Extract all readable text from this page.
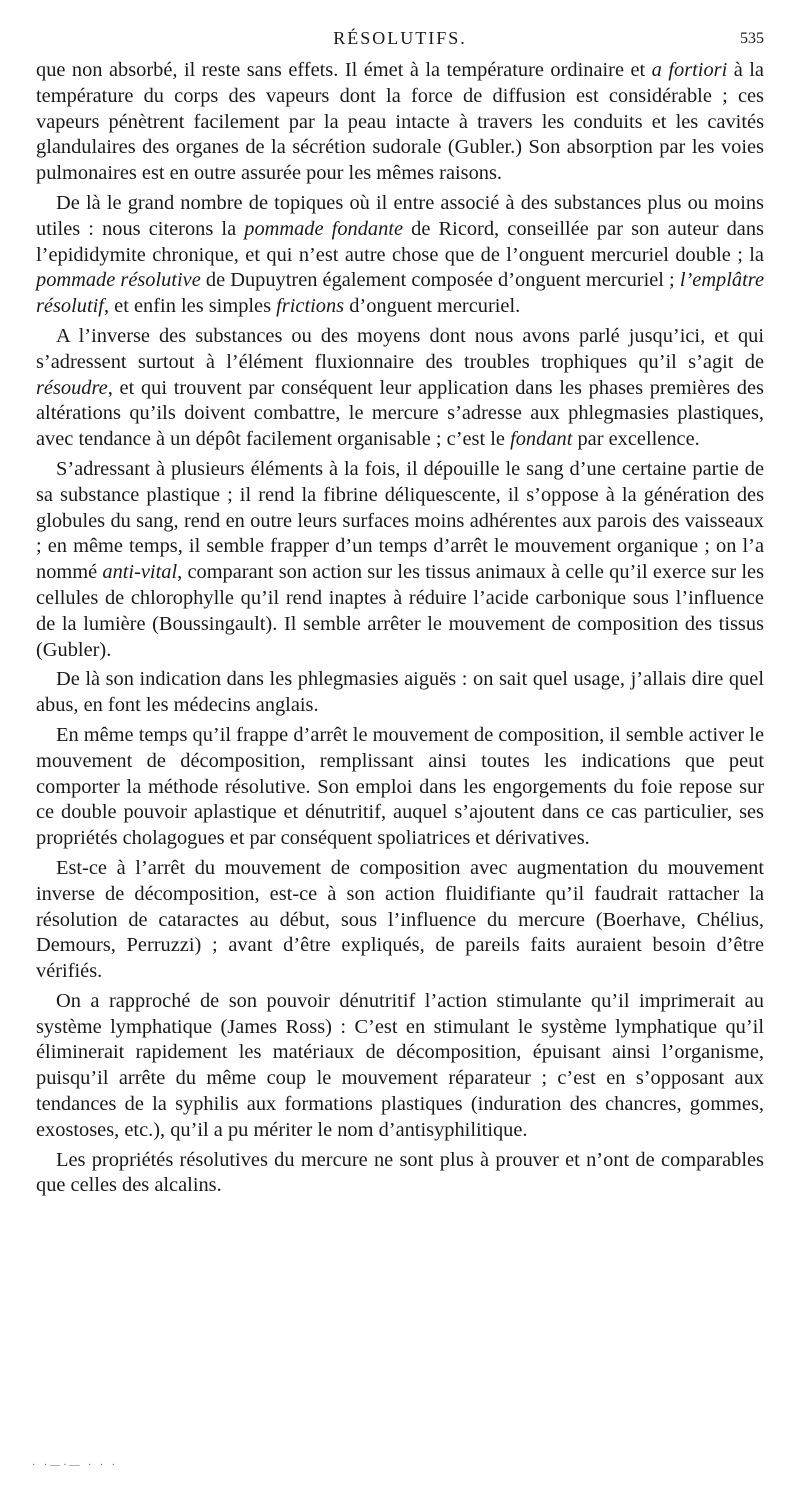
RÉSOLUTIFS.	535

que non absorbé, il reste sans effets. Il émet à la température ordinaire et a fortiori à la température du corps des vapeurs dont la force de diffusion est considérable ; ces vapeurs pénètrent facilement par la peau intacte à travers les conduits et les cavités glandulaires des organes de la sécrétion sudorale (Gubler.) Son absorption par les voies pulmonaires est en outre assurée pour les mêmes raisons.

De là le grand nombre de topiques où il entre associé à des substances plus ou moins utiles : nous citerons la pommade fondante de Ricord, conseillée par son auteur dans l’epididymite chronique, et qui n’est autre chose que de l’onguent mercuriel double ; la pommade résolutive de Dupuytren également composée d’onguent mercuriel ; l’emplâtre résolutif, et enfin les simples frictions d’onguent mercuriel.

A l’inverse des substances ou des moyens dont nous avons parlé jusqu’ici, et qui s’adressent surtout à l’élément fluxionnaire des troubles trophiques qu’il s’agit de résoudre, et qui trouvent par conséquent leur application dans les phases premières des altérations qu’ils doivent combattre, le mercure s’adresse aux phlegmasies plastiques, avec tendance à un dépôt facilement organisable ; c’est le fondant par excellence.

S’adressant à plusieurs éléments à la fois, il dépouille le sang d’une certaine partie de sa substance plastique ; il rend la fibrine déliquescente, il s’oppose à la génération des globules du sang, rend en outre leurs surfaces moins adhérentes aux parois des vaisseaux ; en même temps, il semble frapper d’un temps d’arrêt le mouvement organique ; on l’a nommé anti-vital, comparant son action sur les tissus animaux à celle qu’il exerce sur les cellules de chlorophylle qu’il rend inaptes à réduire l’acide carbonique sous l’influence de la lumière (Boussingault). Il semble arrêter le mouvement de composition des tissus (Gubler).

De là son indication dans les phlegmasies aiguës : on sait quel usage, j’allais dire quel abus, en font les médecins anglais.

En même temps qu’il frappe d’arrêt le mouvement de composition, il semble activer le mouvement de décomposition, remplissant ainsi toutes les indications que peut comporter la méthode résolutive. Son emploi dans les engorgements du foie repose sur ce double pouvoir aplastique et dénutritif, auquel s’ajoutent dans ce cas particulier, ses propriétés cholagogues et par conséquent spoliatrices et dérivatives.

Est-ce à l’arrêt du mouvement de composition avec augmentation du mouvement inverse de décomposition, est-ce à son action fluidifiante qu’il faudrait rattacher la résolution de cataractes au début, sous l’influence du mercure (Boerhave, Chélius, Demours, Perruzzi) ; avant d’être expliqués, de pareils faits auraient besoin d’être vérifiés.

On a rapproché de son pouvoir dénutritif l’action stimulante qu’il imprimerait au système lymphatique (James Ross) : C’est en stimulant le système lymphatique qu’il éliminerait rapidement les matériaux de décomposition, épuisant ainsi l’organisme, puisqu’il arrête du même coup le mouvement réparateur ; c’est en s’opposant aux tendances de la syphilis aux formations plastiques (induration des chancres, gommes, exostoses, etc.), qu’il a pu mériter le nom d’antisyphilitique.

Les propriétés résolutives du mercure ne sont plus à prouver et n’ont de comparables que celles des alcalins.

· ·—·— · · ·
